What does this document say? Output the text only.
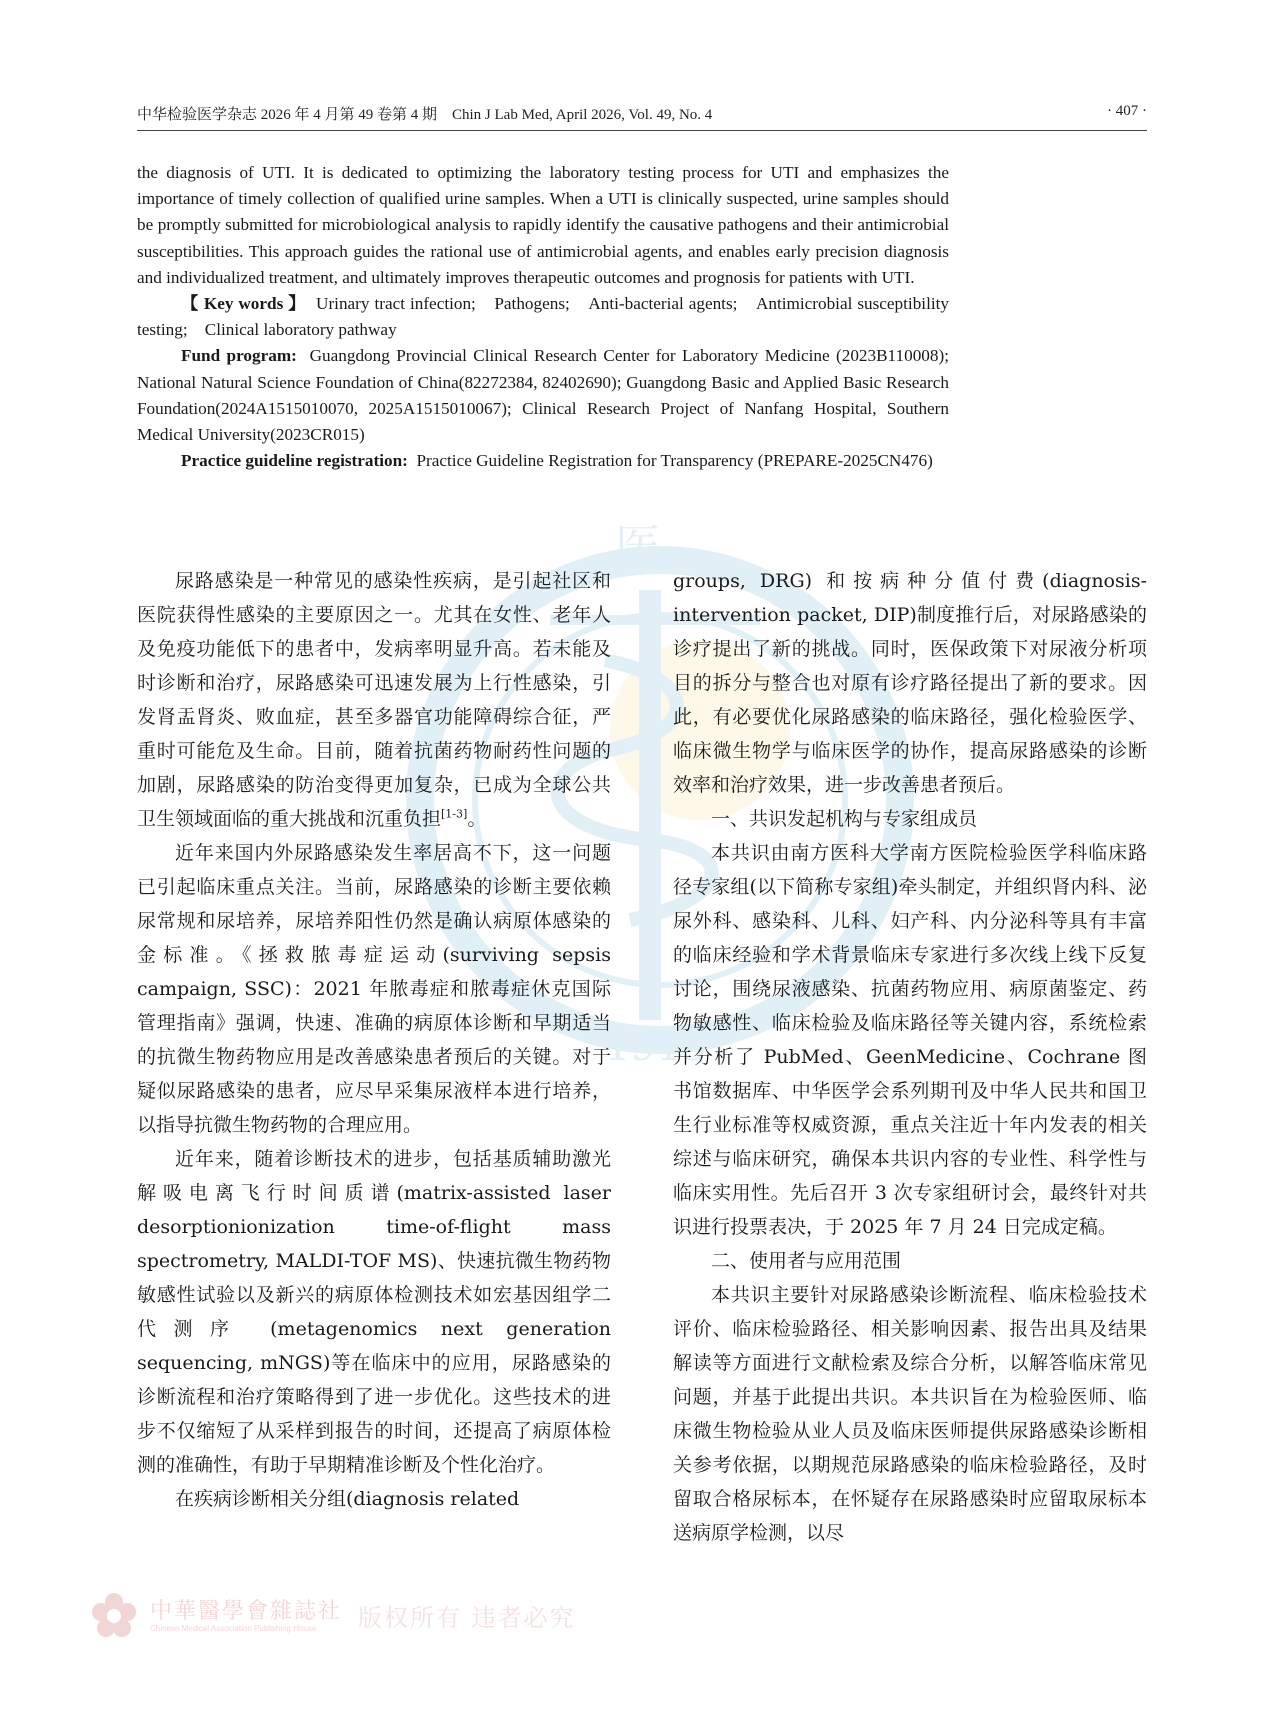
中华检验医学杂志 2026 年 4 月第 49 卷第 4 期　Chin J Lab Med, April 2026, Vol. 49, No. 4	· 407 ·
医
1915

the diagnosis of UTI. It is dedicated to optimizing the laboratory testing process for UTI and emphasizes the importance of timely collection of qualified urine samples. When a UTI is clinically suspected, urine samples should be promptly submitted for microbiological analysis to rapidly identify the causative pathogens and their antimicrobial susceptibilities. This approach guides the rational use of antimicrobial agents, and enables early precision diagnosis and individualized treatment, and ultimately improves therapeutic outcomes and prognosis for patients with UTI.

【 Key words 】 Urinary tract infection;　Pathogens;　Anti-bacterial agents;　Antimicrobial susceptibility testing;　Clinical laboratory pathway

Fund program: Guangdong Provincial Clinical Research Center for Laboratory Medicine (2023B110008); National Natural Science Foundation of China(82272384, 82402690); Guangdong Basic and Applied Basic Research Foundation(2024A1515010070, 2025A1515010067); Clinical Research Project of Nanfang Hospital, Southern Medical University(2023CR015)

Practice guideline registration: Practice Guideline Registration for Transparency (PREPARE-2025CN476)

尿路感染是一种常见的感染性疾病，是引起社区和医院获得性感染的主要原因之一。尤其在女性、老年人及免疫功能低下的患者中，发病率明显升高。若未能及时诊断和治疗，尿路感染可迅速发展为上行性感染，引发肾盂肾炎、败血症，甚至多器官功能障碍综合征，严重时可能危及生命。目前，随着抗菌药物耐药性问题的加剧，尿路感染的防治变得更加复杂，已成为全球公共卫生领域面临的重大挑战和沉重负担[1-3]。

近年来国内外尿路感染发生率居高不下，这一问题已引起临床重点关注。当前，尿路感染的诊断主要依赖尿常规和尿培养，尿培养阳性仍然是确认病原体感染的金标准。《拯救脓毒症运动(surviving sepsis campaign, SSC)：2021 年脓毒症和脓毒症休克国际管理指南》强调，快速、准确的病原体诊断和早期适当的抗微生物药物应用是改善感染患者预后的关键。对于疑似尿路感染的患者，应尽早采集尿液样本进行培养，以指导抗微生物药物的合理应用。

近年来，随着诊断技术的进步，包括基质辅助激光解吸电离飞行时间质谱(matrix-assisted laser desorptionionization time-of-flight mass spectrometry, MALDI-TOF MS)、快速抗微生物药物敏感性试验以及新兴的病原体检测技术如宏基因组学二代测序 (metagenomics next generation sequencing, mNGS)等在临床中的应用，尿路感染的诊断流程和治疗策略得到了进一步优化。这些技术的进步不仅缩短了从采样到报告的时间，还提高了病原体检测的准确性，有助于早期精准诊断及个性化治疗。

在疾病诊断相关分组(diagnosis related

groups, DRG) 和按病种分值付费(diagnosis-intervention packet, DIP)制度推行后，对尿路感染的诊疗提出了新的挑战。同时，医保政策下对尿液分析项目的拆分与整合也对原有诊疗路径提出了新的要求。因此，有必要优化尿路感染的临床路径，强化检验医学、临床微生物学与临床医学的协作，提高尿路感染的诊断效率和治疗效果，进一步改善患者预后。

一、共识发起机构与专家组成员

本共识由南方医科大学南方医院检验医学科临床路径专家组(以下简称专家组)牵头制定，并组织肾内科、泌尿外科、感染科、儿科、妇产科、内分泌科等具有丰富的临床经验和学术背景临床专家进行多次线上线下反复讨论，围绕尿液感染、抗菌药物应用、病原菌鉴定、药物敏感性、临床检验及临床路径等关键内容，系统检索并分析了 PubMed、GeenMedicine、Cochrane 图书馆数据库、中华医学会系列期刊及中华人民共和国卫生行业标准等权威资源，重点关注近十年内发表的相关综述与临床研究，确保本共识内容的专业性、科学性与临床实用性。先后召开 3 次专家组研讨会，最终针对共识进行投票表决，于 2025 年 7 月 24 日完成定稿。

二、使用者与应用范围

本共识主要针对尿路感染诊断流程、临床检验技术评价、临床检验路径、相关影响因素、报告出具及结果解读等方面进行文献检索及综合分析，以解答临床常见问题，并基于此提出共识。本共识旨在为检验医师、临床微生物检验从业人员及临床医师提供尿路感染诊断相关参考依据，以期规范尿路感染的临床检验路径，及时留取合格尿标本，在怀疑存在尿路感染时应留取尿标本送病原学检测，以尽

中華醫學會雜誌社
Chinese Medical Association Publishing House 版权所有 违者必究
